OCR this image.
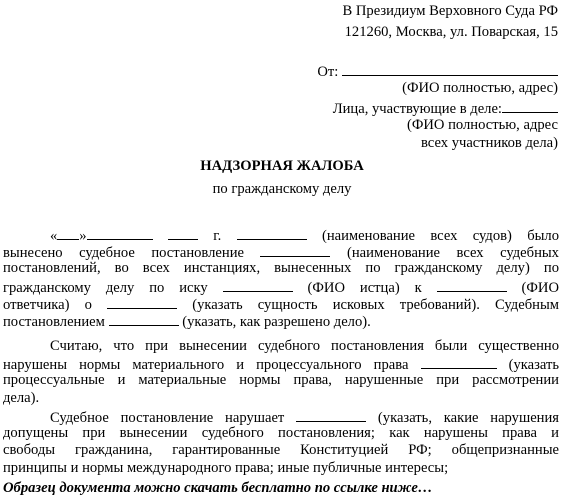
В Президиум Верховного Суда РФ
121260, Москва, ул. Поварская, 15
От:
(ФИО полностью, адрес)
Лица, участвующие в деле:
(ФИО полностью, адрес
всех участников дела)
НАДЗОРНАЯ ЖАЛОБА
по гражданскому делу
« »	г.	(наименование всех судов) было
вынесено судебное постановление	(наименование всех судебных
постановлений, во всех инстанциях, вынесенных по гражданскому делу) по
гражданскому делу по иску	(ФИО истца) к	(ФИО
ответчика) о	(указать сущность исковых требований). Судебным
постановлением	(указать, как разрешено дело).
Считаю, что при вынесении судебного постановления были существенно
нарушены нормы материального и процессуального права	(указать
процессуальные и материальные нормы права, нарушенные при рассмотрении
дела).
Судебное постановление нарушает	(указать, какие нарушения
допущены при вынесении судебного постановления; как нарушены права и
свободы гражданина, гарантированные Конституцией РФ; общепризнанные
принципы и нормы международного права; иные публичные интересы;
Образец документа можно скачать бесплатно по ссылке ниже…
